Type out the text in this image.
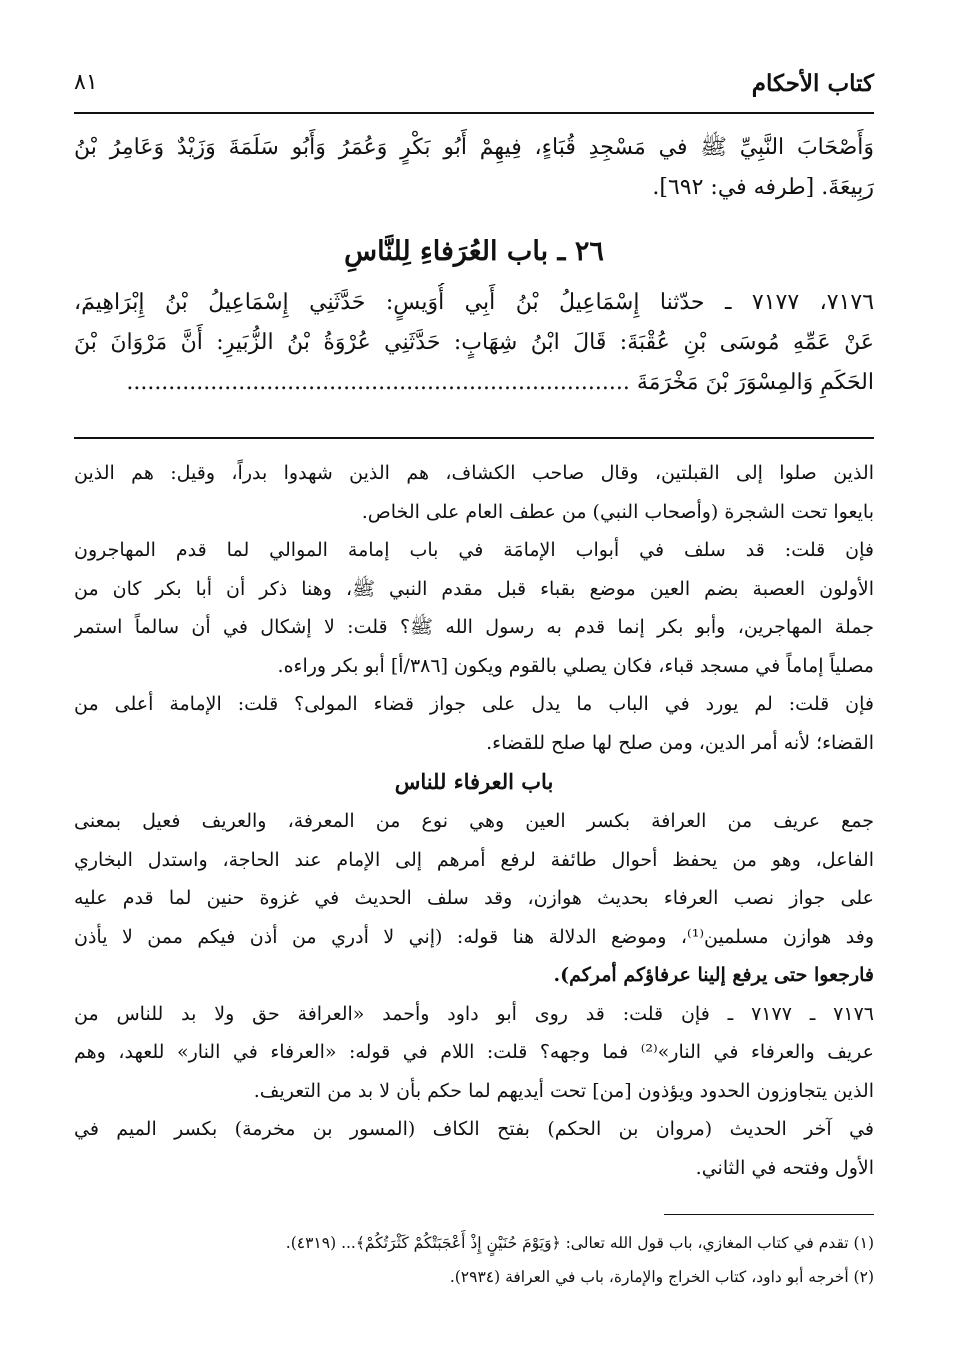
كتاب الأحكام
٨١
وَأَصْحَابَ النَّبِيِّ ﷺ في مَسْجِدِ قُبَاءٍ، فِيهِمْ أَبُو بَكْرٍ وَعُمَرُ وَأَبُو سَلَمَةَ وَزَيْدٌ وَعَامِرُ بْنُ
رَبِيعَةَ. [طرفه في: ٦٩٢].
٢٦ ـ باب العُرَفاءِ لِلنَّاسِ
٧١٧٦، ٧١٧٧ ـ حدّثنا إِسْمَاعِيلُ بْنُ أَبِي أُوَيسٍ: حَدَّثَنِي إِسْمَاعِيلُ بْنُ إِبْرَاهِيمَ،
عَنْ عَمِّهِ مُوسَى بْنِ عُقْبَةَ: قَالَ ابْنُ شِهَابٍ: حَدَّثَنِي عُرْوَةُ بْنُ الزُّبَيرِ: أَنَّ مَرْوَانَ بْنَ
الحَكَمِ وَالمِسْوَرَ بْنَ مَخْرَمَةَ ........................................................................
الذين صلوا إلى القبلتين، وقال صاحب الكشاف، هم الذين شهدوا بدراً، وقيل: هم الذين
بايعوا تحت الشجرة (وأصحاب النبي) من عطف العام على الخاص.
فإن قلت: قد سلف في أبواب الإمامَة في باب إمامة الموالي لما قدم المهاجرون
الأولون العصبة بضم العين موضع بقباء قبل مقدم النبي ﷺ، وهنا ذكر أن أبا بكر كان من
جملة المهاجرين، وأبو بكر إنما قدم به رسول الله ﷺ؟ قلت: لا إشكال في أن سالماً استمر
مصلياً إماماً في مسجد قباء، فكان يصلي بالقوم ويكون [٣٨٦/أ] أبو بكر وراءه.
فإن قلت: لم يورد في الباب ما يدل على جواز قضاء المولى؟ قلت: الإمامة أعلى من
القضاء؛ لأنه أمر الدين، ومن صلح لها صلح للقضاء.
باب العرفاء للناس
جمع عريف من العرافة بكسر العين وهي نوع من المعرفة، والعريف فعيل بمعنى
الفاعل، وهو من يحفظ أحوال طائفة لرفع أمرهم إلى الإمام عند الحاجة، واستدل البخاري
على جواز نصب العرفاء بحديث هوازن، وقد سلف الحديث في غزوة حنين لما قدم عليه
وفد هوازن مسلمين⁽¹⁾، وموضع الدلالة هنا قوله: (إني لا أدري من أذن فيكم ممن لا يأذن
فارجعوا حتى يرفع إلينا عرفاؤكم أمركم).
٧١٧٦ ـ ٧١٧٧ ـ فإن قلت: قد روى أبو داود وأحمد «العرافة حق ولا بد للناس من
عريف والعرفاء في النار»⁽²⁾ فما وجهه؟ قلت: اللام في قوله: «العرفاء في النار» للعهد، وهم
الذين يتجاوزون الحدود ويؤذون [من] تحت أيديهم لما حكم بأن لا بد من التعريف.
في آخر الحديث (مروان بن الحكم) بفتح الكاف (المسور بن مخرمة) بكسر الميم في
الأول وفتحه في الثاني.
(١) تقدم في كتاب المغازي، باب قول الله تعالى: ﴿وَيَوْمَ حُنَيْنٍ إِذْ أَعْجَبَتْكُمْ كَثْرَتُكُمْ﴾... (٤٣١٩).
(٢) أخرجه أبو داود، كتاب الخراج والإمارة، باب في العرافة (٢٩٣٤).
